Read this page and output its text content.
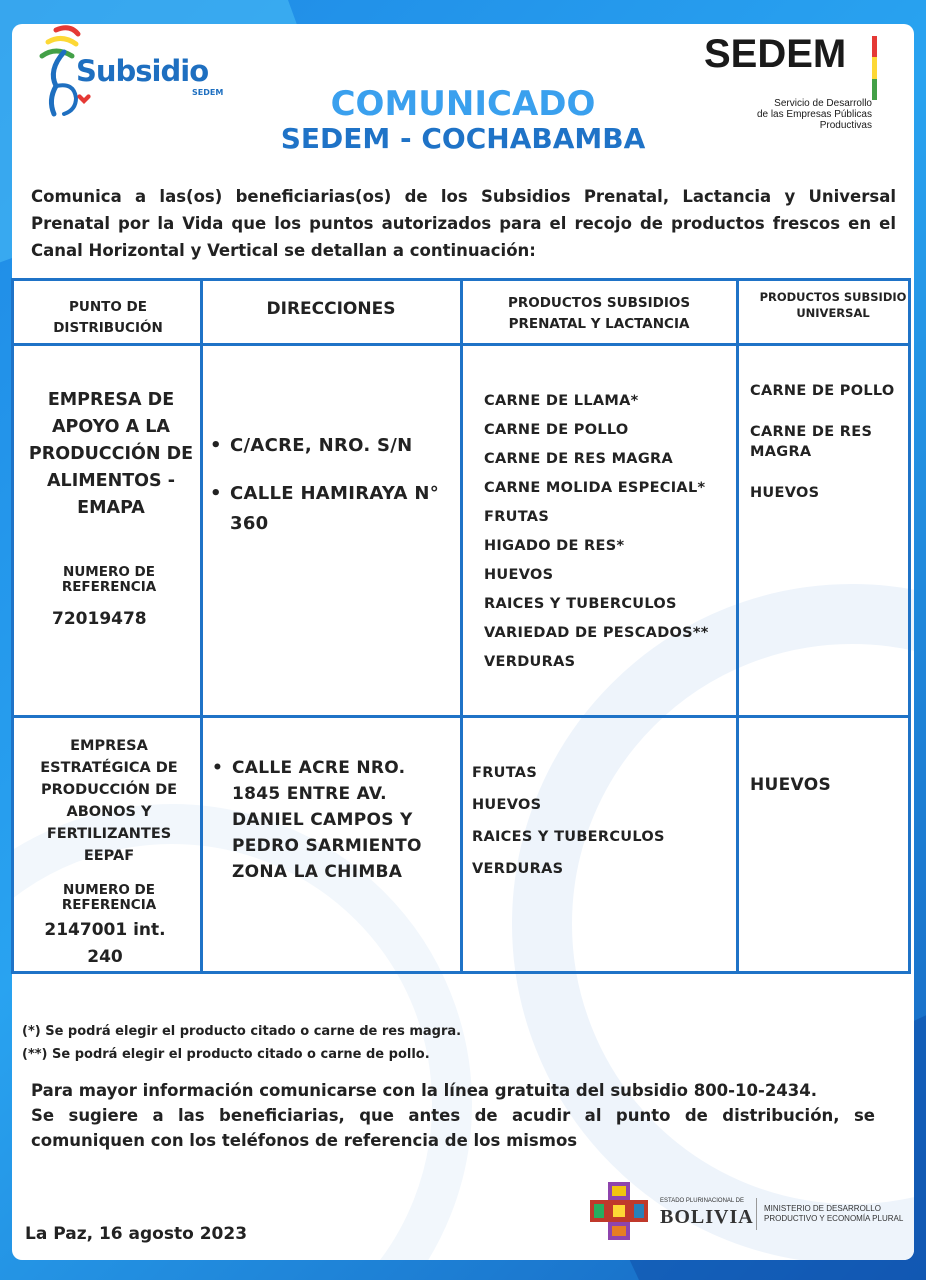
Subsidio
SEDEM
SEDEM
Servicio de Desarrollo
de las Empresas Públicas
Productivas
COMUNICADO
SEDEM - COCHABAMBA
Comunica a las(os) beneficiarias(os) de los Subsidios Prenatal, Lactancia y Universal Prenatal por la Vida que los puntos autorizados para el recojo de productos frescos en el Canal Horizontal y Vertical se detallan a continuación:
PUNTO DE DISTRIBUCIÓN
DIRECCIONES	PRODUCTOS SUBSIDIOS PRENATAL Y LACTANCIA
PRODUCTOS SUBSIDIO UNIVERSAL
EMPRESA DE APOYO A LA PRODUCCIÓN DE ALIMENTOS - EMAPA
NUMERO DE REFERENCIA
72019478
• C/ACRE, NRO. S/N
• CALLE HAMIRAYA N° 360
CARNE DE LLAMA*
CARNE DE POLLO
CARNE DE RES MAGRA
CARNE MOLIDA ESPECIAL*
FRUTAS
HIGADO DE RES*
HUEVOS
RAICES Y TUBERCULOS
VARIEDAD DE PESCADOS**
VERDURAS
CARNE DE POLLO
CARNE DE RES MAGRA
HUEVOS
EMPRESA ESTRATÉGICA DE PRODUCCIÓN DE ABONOS Y FERTILIZANTES EEPAF
NUMERO DE REFERENCIA
2147001 int. 240
• CALLE ACRE NRO. 1845 ENTRE AV. DANIEL CAMPOS Y PEDRO SARMIENTO ZONA LA CHIMBA
FRUTAS
HUEVOS
RAICES Y TUBERCULOS
VERDURAS
HUEVOS
(*) Se podrá elegir el producto citado o carne de res magra.
(**) Se podrá elegir el producto citado o carne de pollo.
Para mayor información comunicarse con la línea gratuita del subsidio 800-10-2434.
Se sugiere a las beneficiarias, que antes de acudir al punto de distribución, se comuniquen con los teléfonos de referencia de los mismos
La Paz, 16 agosto 2023
ESTADO PLURINACIONAL DE
BOLIVIA MINISTERIO DE DESARROLLO
PRODUCTIVO Y ECONOMÍA PLURAL
